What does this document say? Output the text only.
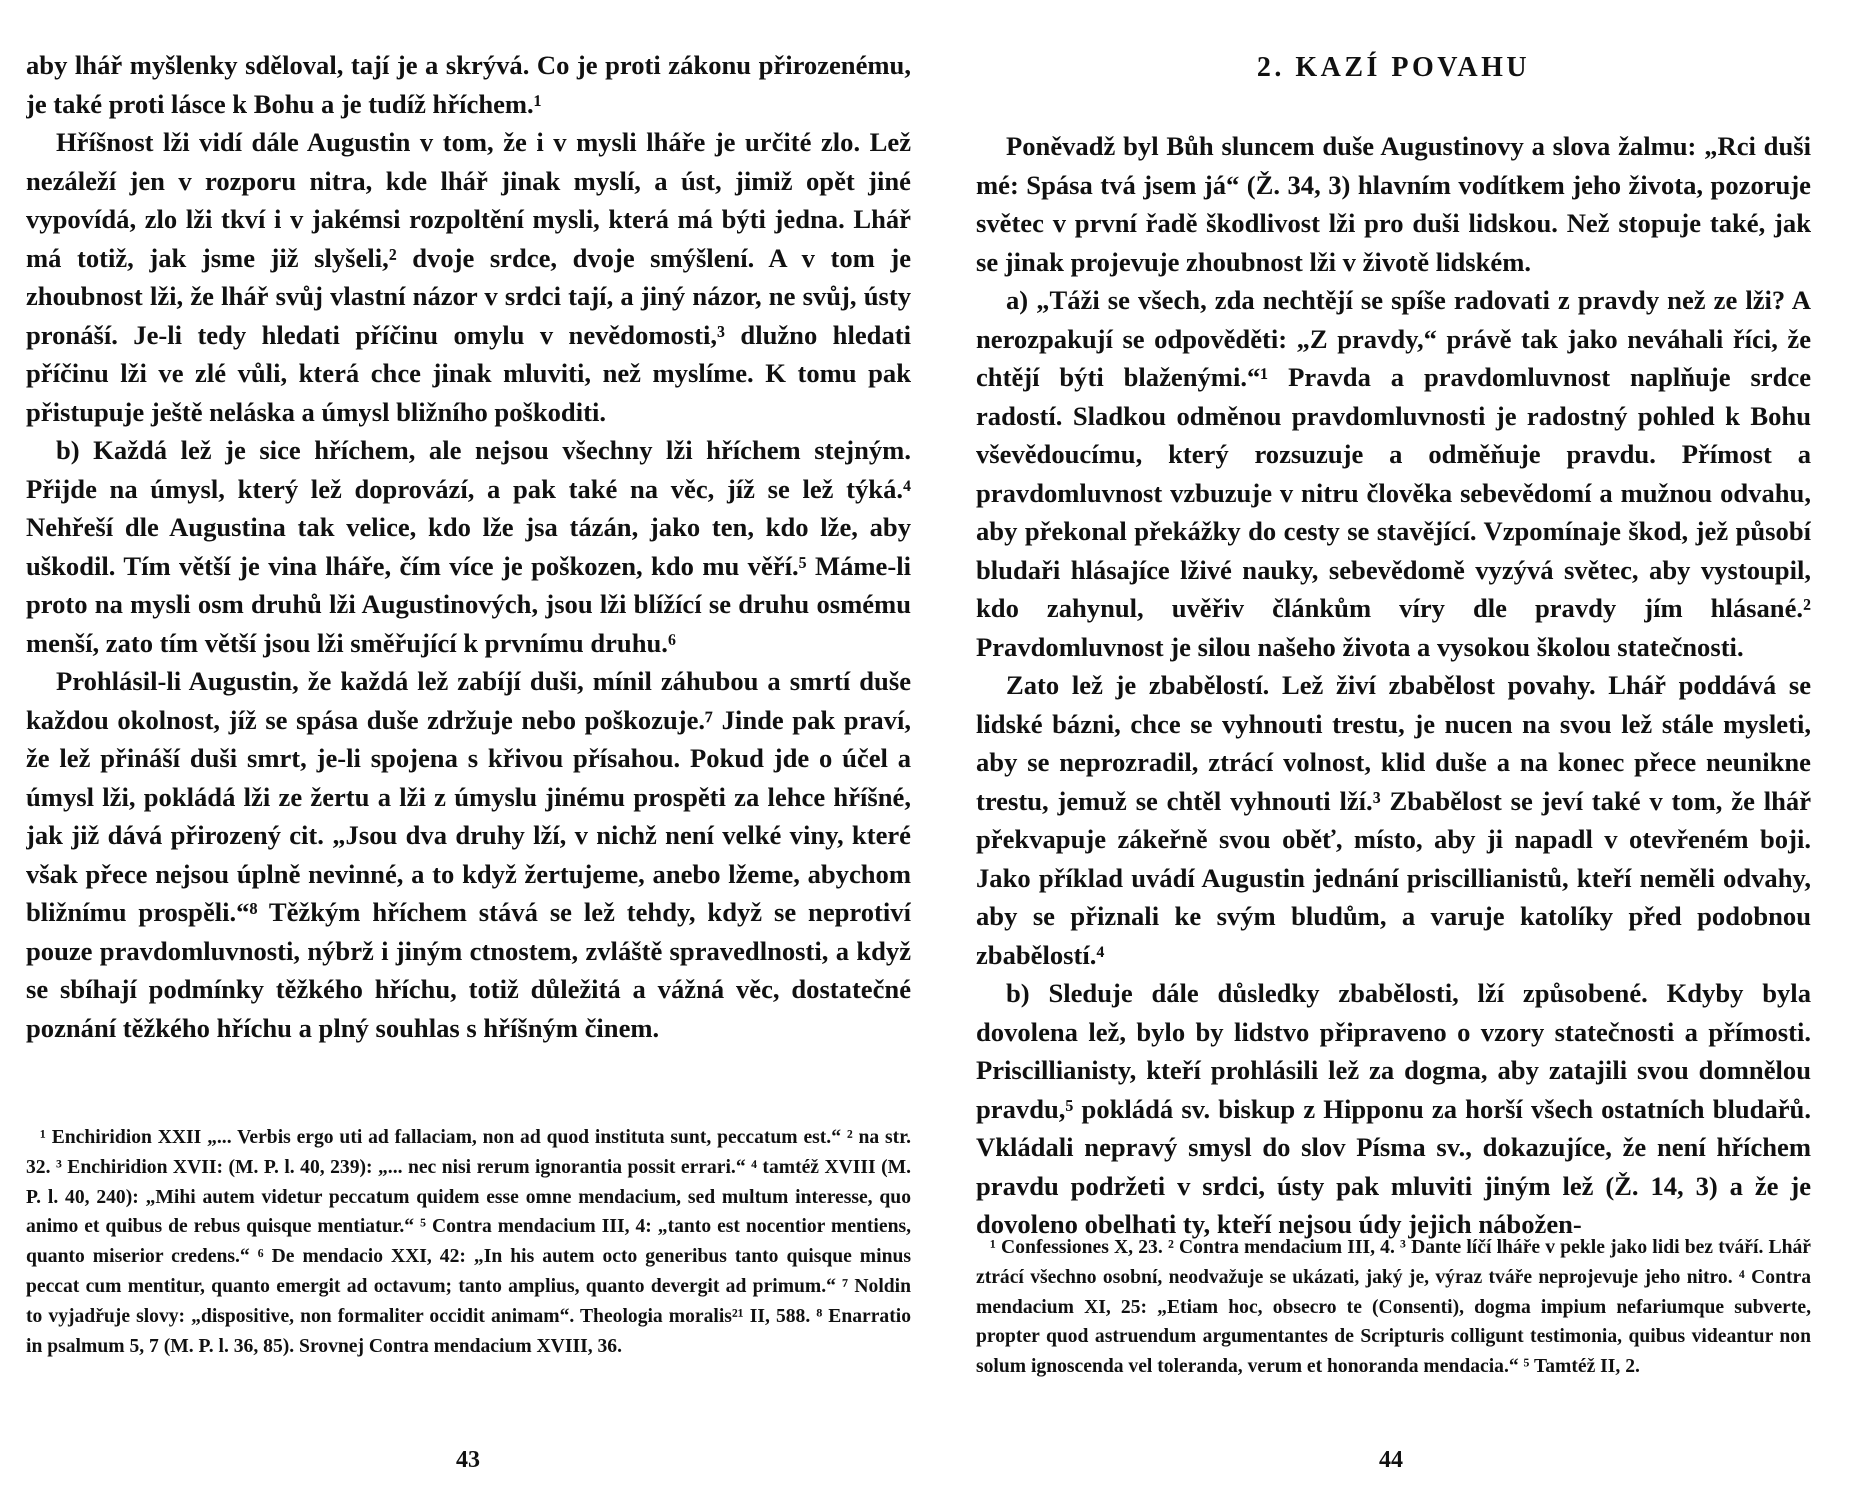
aby lhář myšlenky sděloval, tají je a skrývá. Co je proti zákonu přirozenému, je také proti lásce k Bohu a je tudíž hříchem.¹

Hříšnost lži vidí dále Augustin v tom, že i v mysli lháře je určité zlo. Lež nezáleží jen v rozporu nitra, kde lhář jinak myslí, a úst, jimiž opět jiné vypovídá, zlo lži tkví i v jakémsi rozpoltění mysli, která má býti jedna. Lhář má totiž, jak jsme již slyšeli,² dvoje srdce, dvoje smýšlení. A v tom je zhoubnost lži, že lhář svůj vlastní názor v srdci tají, a jiný názor, ne svůj, ústy pronáší. Je-li tedy hledati příčinu omylu v nevědomosti,³ dlužno hledati příčinu lži ve zlé vůli, která chce jinak mluviti, než myslíme. K tomu pak přistupuje ještě neláska a úmysl bližního poškoditi.

b) Každá lež je sice hříchem, ale nejsou všechny lži hříchem stejným. Přijde na úmysl, který lež doprovází, a pak také na věc, jíž se lež týká.⁴ Nehřeší dle Augustina tak velice, kdo lže jsa tázán, jako ten, kdo lže, aby uškodil. Tím větší je vina lháře, čím více je poškozen, kdo mu věří.⁵ Máme-li proto na mysli osm druhů lži Augustinových, jsou lži blížící se druhu osmému menší, zato tím větší jsou lži směřující k prvnímu druhu.⁶

Prohlásil-li Augustin, že každá lež zabíjí duši, mínil záhubou a smrtí duše každou okolnost, jíž se spása duše zdržuje nebo poškozuje.⁷ Jinde pak praví, že lež přináší duši smrt, je-li spojena s křivou přísahou. Pokud jde o účel a úmysl lži, pokládá lži ze žertu a lži z úmyslu jinému prospěti za lehce hříšné, jak již dává přirozený cit. „Jsou dva druhy lží, v nichž není velké viny, které však přece nejsou úplně nevinné, a to když žertujeme, anebo lžeme, abychom bližnímu prospěli.“⁸ Těžkým hříchem stává se lež tehdy, když se neprotiví pouze pravdomluvnosti, nýbrž i jiným ctnostem, zvláště spravedlnosti, a když se sbíhají podmínky těžkého hříchu, totiž důležitá a vážná věc, dostatečné poznání těžkého hříchu a plný souhlas s hříšným činem.

¹ Enchiridion XXII „... Verbis ergo uti ad fallaciam, non ad quod instituta sunt, peccatum est.“ ² na str. 32. ³ Enchiridion XVII: (M. P. l. 40, 239): „... nec nisi rerum ignorantia possit errari.“ ⁴ tamtéž XVIII (M. P. l. 40, 240): „Mihi autem videtur peccatum quidem esse omne mendacium, sed multum interesse, quo animo et quibus de rebus quisque mentiatur.“ ⁵ Contra mendacium III, 4: „tanto est nocentior mentiens, quanto miserior credens.“ ⁶ De mendacio XXI, 42: „In his autem octo generibus tanto quisque minus peccat cum mentitur, quanto emergit ad octavum; tanto amplius, quanto devergit ad primum.“ ⁷ Noldin to vyjadřuje slovy: „dispositive, non formaliter occidit animam“. Theologia moralis²¹ II, 588. ⁸ Enarratio in psalmum 5, 7 (M. P. l. 36, 85). Srovnej Contra mendacium XVIII, 36.

43
2. KAZÍ POVAHU

Poněvadž byl Bůh sluncem duše Augustinovy a slova žalmu: „Rci duši mé: Spása tvá jsem já“ (Ž. 34, 3) hlavním vodítkem jeho života, pozoruje světec v první řadě škodlivost lži pro duši lidskou. Než stopuje také, jak se jinak projevuje zhoubnost lži v životě lidském.

a) „Táži se všech, zda nechtějí se spíše radovati z pravdy než ze lži? A nerozpakují se odpověděti: „Z pravdy,“ právě tak jako neváhali říci, že chtějí býti blaženými.“¹ Pravda a pravdomluvnost naplňuje srdce radostí. Sladkou odměnou pravdomluvnosti je radostný pohled k Bohu vševědoucímu, který rozsuzuje a odměňuje pravdu. Přímost a pravdomluvnost vzbuzuje v nitru člověka sebevědomí a mužnou odvahu, aby překonal překážky do cesty se stavějící. Vzpomínaje škod, jež působí bludaři hlásajíce lživé nauky, sebevědomě vyzývá světec, aby vystoupil, kdo zahynul, uvěřiv článkům víry dle pravdy jím hlásané.² Pravdomluvnost je silou našeho života a vysokou školou statečnosti.

Zato lež je zbabělostí. Lež živí zbabělost povahy. Lhář poddává se lidské bázni, chce se vyhnouti trestu, je nucen na svou lež stále mysleti, aby se neprozradil, ztrácí volnost, klid duše a na konec přece neunikne trestu, jemuž se chtěl vyhnouti lží.³ Zbabělost se jeví také v tom, že lhář překvapuje zákeřně svou oběť, místo, aby ji napadl v otevřeném boji. Jako příklad uvádí Augustin jednání priscillianistů, kteří neměli odvahy, aby se přiznali ke svým bludům, a varuje katolíky před podobnou zbabělostí.⁴

b) Sleduje dále důsledky zbabělosti, lží způsobené. Kdyby byla dovolena lež, bylo by lidstvo připraveno o vzory statečnosti a přímosti. Priscillianisty, kteří prohlásili lež za dogma, aby zatajili svou domnělou pravdu,⁵ pokládá sv. biskup z Hipponu za horší všech ostatních bludařů. Vkládali nepravý smysl do slov Písma sv., dokazujíce, že není hříchem pravdu podržeti v srdci, ústy pak mluviti jiným lež (Ž. 14, 3) a že je dovoleno obelhati ty, kteří nejsou údy jejich nábožen-

¹ Confessiones X, 23. ² Contra mendacium III, 4. ³ Dante líčí lháře v pekle jako lidi bez tváří. Lhář ztrácí všechno osobní, neodvažuje se ukázati, jaký je, výraz tváře neprojevuje jeho nitro. ⁴ Contra mendacium XI, 25: „Etiam hoc, obsecro te (Consenti), dogma impium nefariumque subverte, propter quod astruendum argumentantes de Scripturis colligunt testimonia, quibus videantur non solum ignoscenda vel toleranda, verum et honoranda mendacia.“ ⁵ Tamtéž II, 2.

44
